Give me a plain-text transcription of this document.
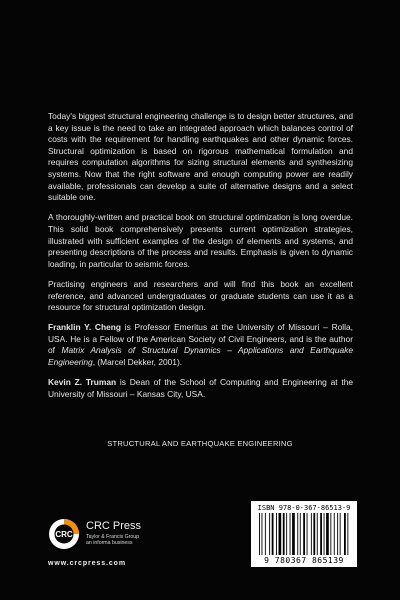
Today's biggest structural engineering challenge is to design better structures, and a key issue is the need to take an integrated approach which balances control of costs with the requirement for handling earthquakes and other dynamic forces. Structural optimization is based on rigorous mathematical formulation and requires computation algorithms for sizing structural elements and synthesizing systems. Now that the right software and enough computing power are readily available, professionals can develop a suite of alternative designs and a select suitable one.

A thoroughly-written and practical book on structural optimization is long overdue. This solid book comprehensively presents current optimization strategies, illustrated with sufficient examples of the design of elements and systems, and presenting descriptions of the process and results. Emphasis is given to dynamic loading, in particular to seismic forces.

Practising engineers and researchers and will find this book an excellent reference, and advanced undergraduates or graduate students can use it as a resource for structural optimization design.

Franklin Y. Cheng is Professor Emeritus at the University of Missouri – Rolla, USA. He is a Fellow of the American Society of Civil Engineers, and is the author of Matrix Analysis of Structural Dynamics – Applications and Earthquake Engineering, (Marcel Dekker, 2001).

Kevin Z. Truman is Dean of the School of Computing and Engineering at the University of Missouri – Kansas City, USA.

STRUCTURAL AND EARTHQUAKE ENGINEERING
CRC
CRC Press
Taylor & Francis Group
an informa business
www.crcpress.com
ISBN 978-0-367-86513-9
9 780367 865139
